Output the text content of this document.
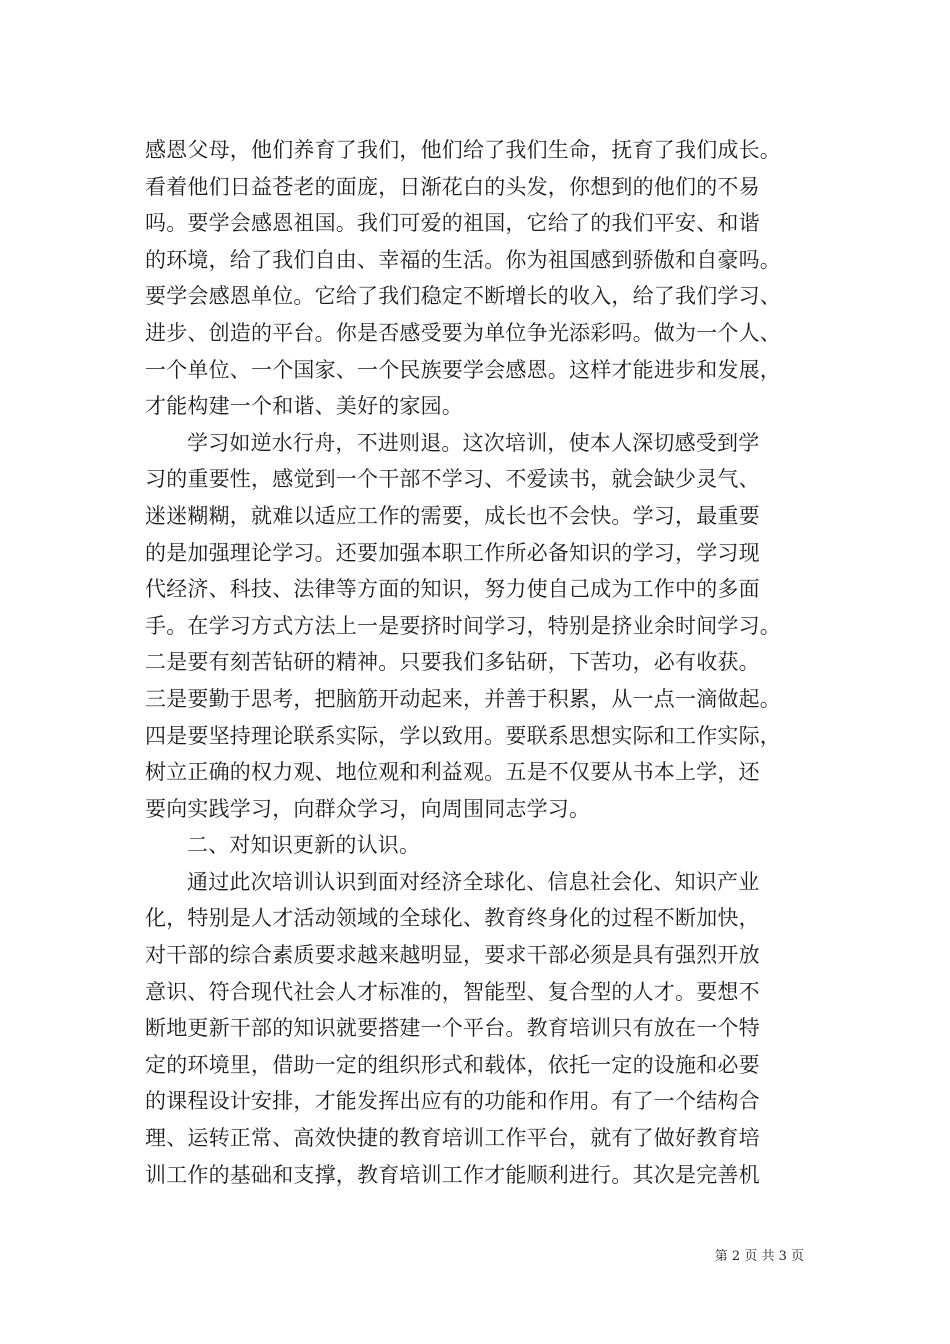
感恩父母，他们养育了我们，他们给了我们生命，抚育了我们成长。
看着他们日益苍老的面庞，日渐花白的头发，你想到的他们的不易
吗。要学会感恩祖国。我们可爱的祖国，它给了的我们平安、和谐
的环境，给了我们自由、幸福的生活。你为祖国感到骄傲和自豪吗。
要学会感恩单位。它给了我们稳定不断增长的收入，给了我们学习、
进步、创造的平台。你是否感受要为单位争光添彩吗。做为一个人、
一个单位、一个国家、一个民族要学会感恩。这样才能进步和发展，
才能构建一个和谐、美好的家园。
学习如逆水行舟，不进则退。这次培训，使本人深切感受到学
习的重要性，感觉到一个干部不学习、不爱读书，就会缺少灵气、
迷迷糊糊，就难以适应工作的需要，成长也不会快。学习，最重要
的是加强理论学习。还要加强本职工作所必备知识的学习，学习现
代经济、科技、法律等方面的知识，努力使自己成为工作中的多面
手。在学习方式方法上一是要挤时间学习，特别是挤业余时间学习。
二是要有刻苦钻研的精神。只要我们多钻研，下苦功，必有收获。
三是要勤于思考，把脑筋开动起来，并善于积累，从一点一滴做起。
四是要坚持理论联系实际，学以致用。要联系思想实际和工作实际，
树立正确的权力观、地位观和利益观。五是不仅要从书本上学，还
要向实践学习，向群众学习，向周围同志学习。
二、对知识更新的认识。
通过此次培训认识到面对经济全球化、信息社会化、知识产业
化，特别是人才活动领域的全球化、教育终身化的过程不断加快，
对干部的综合素质要求越来越明显，要求干部必须是具有强烈开放
意识、符合现代社会人才标准的，智能型、复合型的人才。要想不
断地更新干部的知识就要搭建一个平台。教育培训只有放在一个特
定的环境里，借助一定的组织形式和载体，依托一定的设施和必要
的课程设计安排，才能发挥出应有的功能和作用。有了一个结构合
理、运转正常、高效快捷的教育培训工作平台，就有了做好教育培
训工作的基础和支撑，教育培训工作才能顺利进行。其次是完善机
第 2 页 共 3 页
